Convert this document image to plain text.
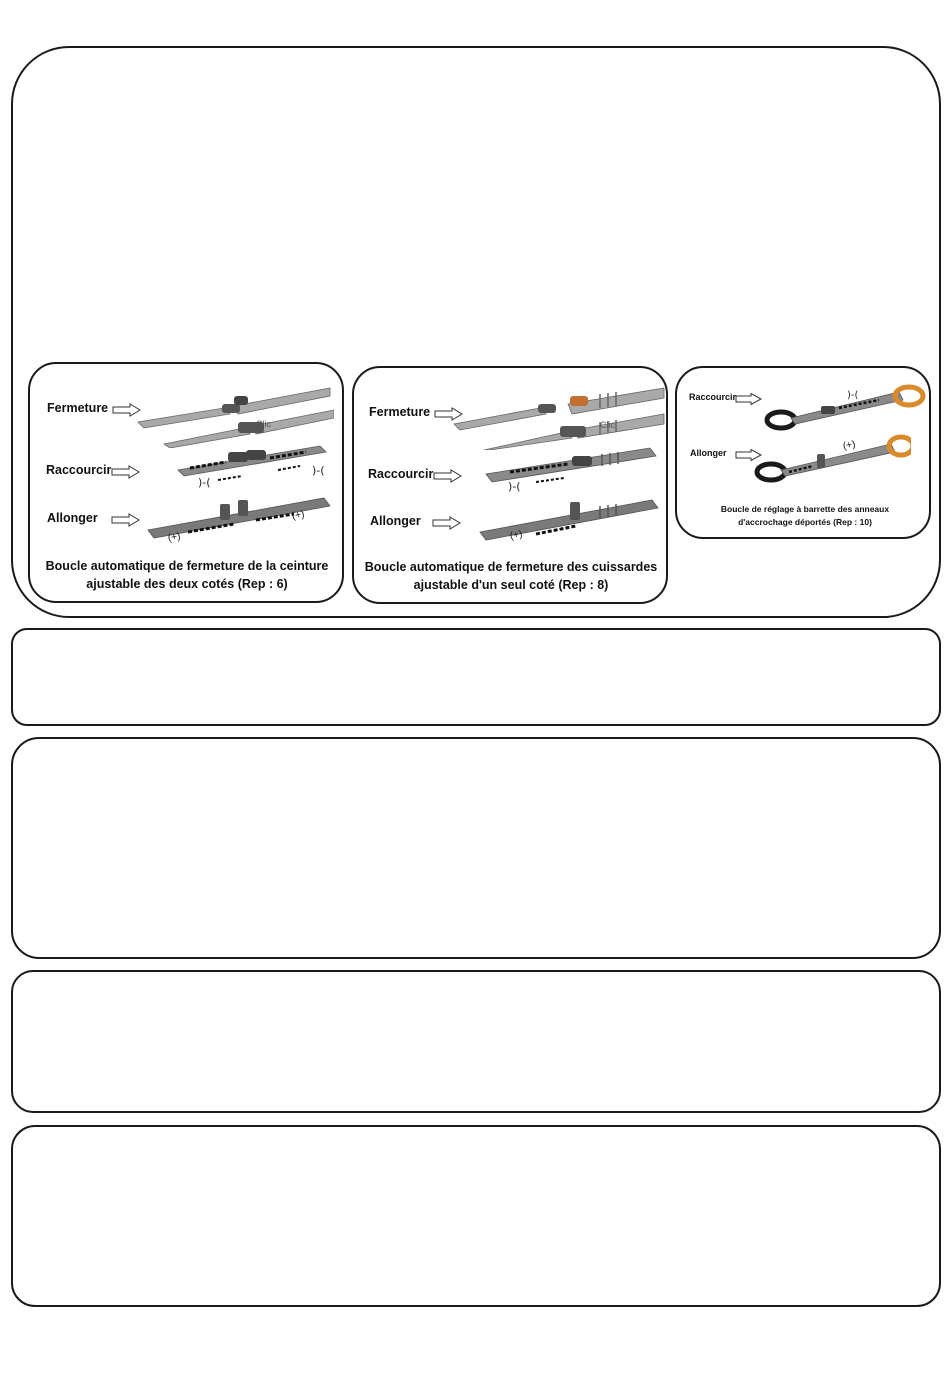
Fermeture
Raccourcir
Allonger
Clic
)-(
)-(
(+)
(+)
Boucle automatique de fermeture de la ceinture
ajustable des deux cotés (Rep : 6)
Fermeture
Raccourcir
Allonger
Clic
)-(
(+)
Boucle automatique de fermeture des cuissardes
ajustable d'un seul coté (Rep : 8)
Raccourcir
Allonger
)-(
(+)
Boucle de réglage à barrette des anneaux
d'accrochage déportés (Rep : 10)
